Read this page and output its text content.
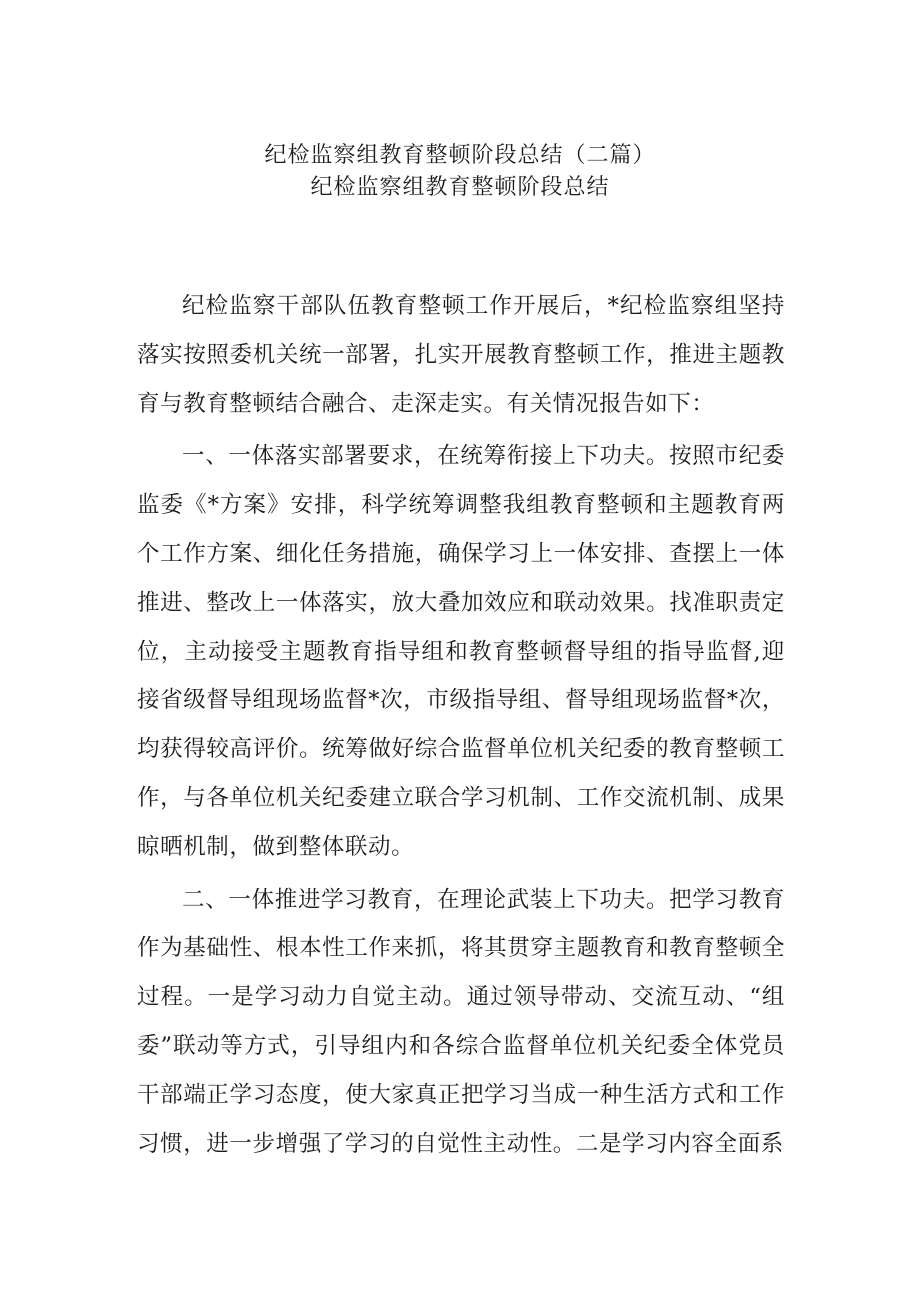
纪检监察组教育整顿阶段总结（二篇）

纪检监察组教育整顿阶段总结

纪检监察干部队伍教育整顿工作开展后，*纪检监察组坚持落实按照委机关统一部署，扎实开展教育整顿工作，推进主题教育与教育整顿结合融合、走深走实。有关情况报告如下：

一、一体落实部署要求，在统筹衔接上下功夫。按照市纪委监委《*方案》安排，科学统筹调整我组教育整顿和主题教育两个工作方案、细化任务措施，确保学习上一体安排、查摆上一体推进、整改上一体落实，放大叠加效应和联动效果。找准职责定位，主动接受主题教育指导组和教育整顿督导组的指导监督,迎接省级督导组现场监督*次，市级指导组、督导组现场监督*次，均获得较高评价。统筹做好综合监督单位机关纪委的教育整顿工作，与各单位机关纪委建立联合学习机制、工作交流机制、成果晾晒机制，做到整体联动。

二、一体推进学习教育，在理论武装上下功夫。把学习教育作为基础性、根本性工作来抓，将其贯穿主题教育和教育整顿全过程。一是学习动力自觉主动。通过领导带动、交流互动、“组委”联动等方式，引导组内和各综合监督单位机关纪委全体党员干部端正学习态度，使大家真正把学习当成一种生活方式和工作习惯，进一步增强了学习的自觉性主动性。二是学习内容全面系
